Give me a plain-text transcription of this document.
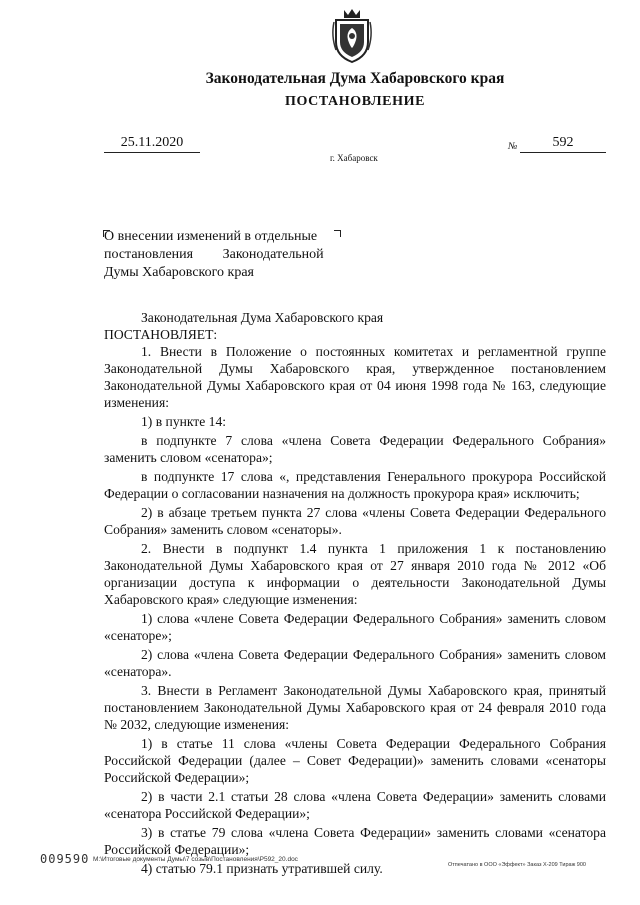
Законодательная Дума Хабаровского края
ПОСТАНОВЛЕНИЕ
25.11.2020	№	592
г. Хабаровск
О внесении изменений в отдельные
постановления Законодательной
Думы Хабаровского края

Законодательная Дума Хабаровского края

ПОСТАНОВЛЯЕТ:

1. Внести в Положение о постоянных комитетах и регламентной группе Законодательной Думы Хабаровского края, утвержденное постановлением Законодательной Думы Хабаровского края от 04 июня 1998 года № 163, следующие изменения:

1) в пункте 14:

в подпункте 7 слова «члена Совета Федерации Федерального Собрания» заменить словом «сенатора»;

в подпункте 17 слова «, представления Генерального прокурора Российской Федерации о согласовании назначения на должность прокурора края» исключить;

2) в абзаце третьем пункта 27 слова «члены Совета Федерации Федерального Собрания» заменить словом «сенаторы».

2. Внести в подпункт 1.4 пункта 1 приложения 1 к постановлению Законодательной Думы Хабаровского края от 27 января 2010 года № 2012 «Об организации доступа к информации о деятельности Законодательной Думы Хабаровского края» следующие изменения:

1) слова «члене Совета Федерации Федерального Собрания» заменить словом «сенаторе»;

2) слова «члена Совета Федерации Федерального Собрания» заменить словом «сенатора».

3. Внести в Регламент Законодательной Думы Хабаровского края, принятый постановлением Законодательной Думы Хабаровского края от 24 февраля 2010 года № 2032, следующие изменения:

1) в статье 11 слова «члены Совета Федерации Федерального Собрания Российской Федерации (далее – Совет Федерации)» заменить словами «сенаторы Российской Федерации»;

2) в части 2.1 статьи 28 слова «члена Совета Федерации» заменить словами «сенатора Российской Федерации»;

3) в статье 79 слова «члена Совета Федерации» заменить словами «сенатора Российской Федерации»;

4) статью 79.1 признать утратившей силу.

009590 M:\Итоговые документы Думы\7 созыв\Постановления\Р592_20.doc
Отпечатано в ООО «Эффект» Заказ Х-209 Тираж 900
